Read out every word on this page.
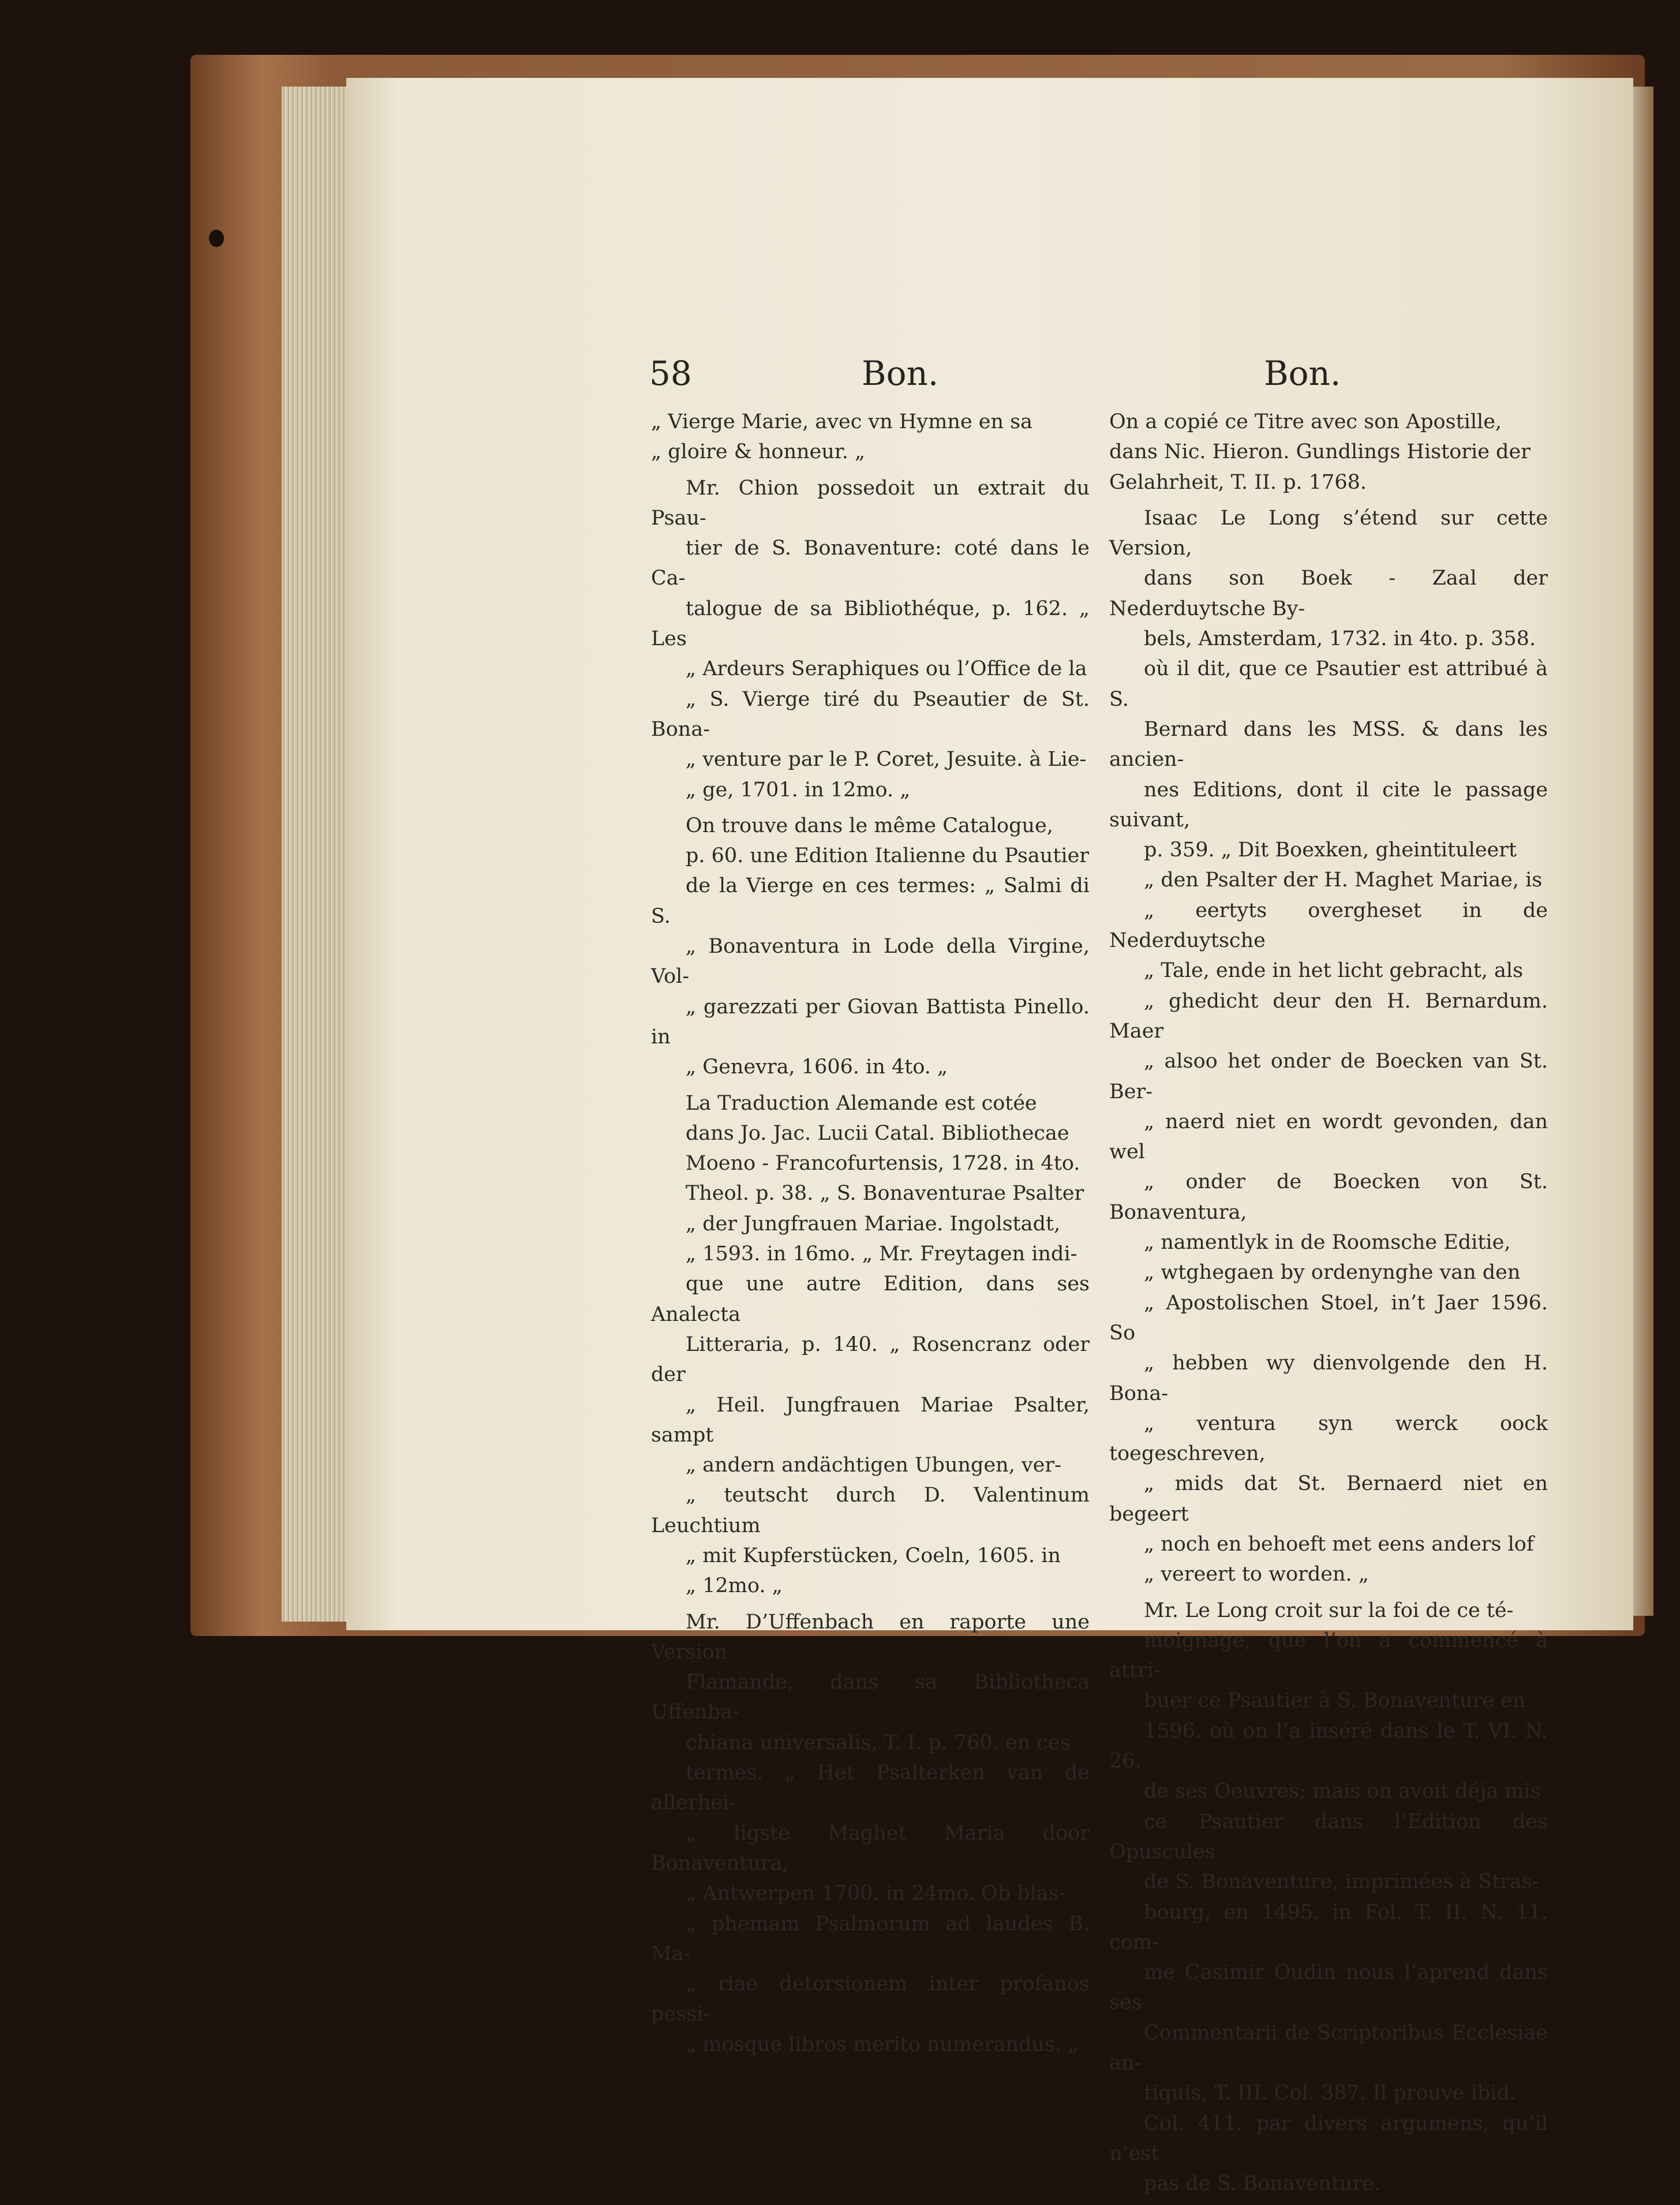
58	Bon.	Bon.

„ Vierge Marie, avec vn Hymne en sa
„ gloire & honneur. „

Mr. Chion possedoit un extrait du Psau-
tier de S. Bonaventure: coté dans le Ca-
talogue de sa Bibliothéque, p. 162. „ Les
„ Ardeurs Seraphiques ou l’Office de la
„ S. Vierge tiré du Pseautier de St. Bona-
„ venture par le P. Coret, Jesuite. à Lie-
„ ge, 1701. in 12mo. „

On trouve dans le même Catalogue,
p. 60. une Edition Italienne du Psautier
de la Vierge en ces termes: „ Salmi di S.
„ Bonaventura in Lode della Virgine, Vol-
„ garezzati per Giovan Battista Pinello. in
„ Genevra, 1606. in 4to. „

La Traduction Alemande est cotée
dans Jo. Jac. Lucii Catal. Bibliothecae
Moeno - Francofurtensis, 1728. in 4to.
Theol. p. 38. „ S. Bonaventurae Psalter
„ der Jungfrauen Mariae. Ingolstadt,
„ 1593. in 16mo. „ Mr. Freytagen indi-
que une autre Edition, dans ses Analecta
Litteraria, p. 140. „ Rosencranz oder der
„ Heil. Jungfrauen Mariae Psalter, sampt
„ andern andächtigen Ubungen, ver-
„ teutscht durch D. Valentinum Leuchtium
„ mit Kupferstücken, Coeln, 1605. in
„ 12mo. „

Mr. D’Uffenbach en raporte une Version
Flamande, dans sa Bibliotheca Uffenba-
chiana universalis, T. I. p. 760. en ces
termes. „ Het Psalterken van de allerhei-
„ ligste Maghet Maria door Bonaventura,
„ Antwerpen 1700. in 24mo. Ob blas-
„ phemam Psalmorum ad laudes B. Ma-
„ riae detorsionem inter profanos pessi-
„ mosque libros merito numerandus. „

On a copié ce Titre avec son Apostille,
dans Nic. Hieron. Gundlings Historie der
Gelahrheit, T. II. p. 1768.

Isaac Le Long s’étend sur cette Version,
dans son Boek - Zaal der Nederduytsche By-
bels, Amsterdam, 1732. in 4to. p. 358.
où il dit, que ce Psautier est attribué à S.
Bernard dans les MSS. & dans les ancien-
nes Editions, dont il cite le passage suivant,
p. 359. „ Dit Boexken, gheintituleert
„ den Psalter der H. Maghet Mariae, is
„ eertyts overgheset in de Nederduytsche
„ Tale, ende in het licht gebracht, als
„ ghedicht deur den H. Bernardum. Maer
„ alsoo het onder de Boecken van St. Ber-
„ naerd niet en wordt gevonden, dan wel
„ onder de Boecken von St. Bonaventura,
„ namentlyk in de Roomsche Editie,
„ wtghegaen by ordenynghe van den
„ Apostolischen Stoel, in’t Jaer 1596. So
„ hebben wy dienvolgende den H. Bona-
„ ventura syn werck oock toegeschreven,
„ mids dat St. Bernaerd niet en begeert
„ noch en behoeft met eens anders lof
„ vereert to worden. „

Mr. Le Long croit sur la foi de ce té-
moignage, que l’on a commencé à attri-
buer ce Psautier à S. Bonaventure en
1596. où on l’a inséré dans le T. VI. N. 26.
de ses Oeuvres; mais on avoit déja mis
ce Psautier dans l’Edition des Opuscules
de S. Bonaventure, imprimées à Stras-
bourg, en 1495. in Fol. T. II. N. 11. com-
me Casimir Oudin nous l’aprend dans ses
Commentarii de Scriptoribus Ecclesiae an-
tiquis, T. III. Col. 387. Il prouve ibid.
Col. 411. par divers argumens, qu’il n’est
pas de S. Bonaventure.
